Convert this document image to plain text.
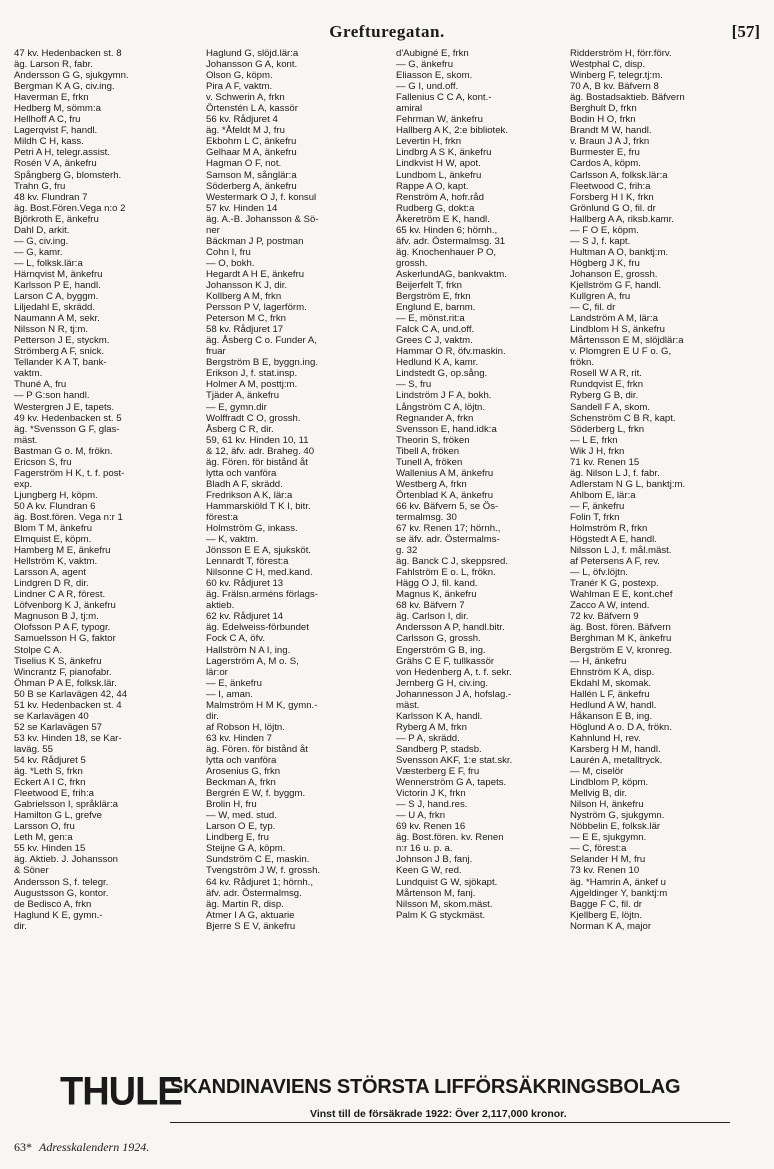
Grefturegatan.	[57]
47 kv. Hedenbacken st. 8
äg. Larson R, fabr.
Andersson G G, sjukgymn.
Bergman K A G, civ.ing.
Haverman E, frkn
Hedberg M, sömm:a
Hellhoff A C, fru
Lagerqvist F, handl.
Mildh C H, kass.
Petri A H, telegr.assist.
Rosén V A, änkefru
Spångberg G, blomsterh.
Trahn G, fru
48 kv. Flundran 7
äg. Bost.Fören.Vega n:o 2
Björkroth E, änkefru
Dahl D, arkit.
— G, civ.ing.
— G, kamr.
— L, folksk.lär:a
Härnqvist M, änkefru
Karlsson P E, handl.
Larson C A, byggm.
Liljedahl E, skrädd.
Naumann A M, sekr.
Nilsson N R, tj:m.
Petterson J E, styckm.
Strömberg A F, snick.
Tellander K A T, bank-
vaktm.
Thuné A, fru
— P G:son handl.
Westergren J E, tapets.
49 kv. Hedenbacken st. 5
äg. *Svensson G F, glas-
mäst.
Bastman G o. M, frökn.
Ericson S, fru
Fagerström H K, t. f. post-
exp.
Ljungberg H, köpm.
50 A kv. Flundran 6
äg. Bost.fören. Vega n:r 1
Blom T M, änkefru
Elmquist E, köpm.
Hamberg M E, änkefru
Hellström K, vaktm.
Larsson A, agent
Lindgren D R, dir.
Lindner C A R, förest.
Löfvenborg K J, änkefru
Magnuson B J, tj:m.
Olofsson P A F, typogr.
Samuelsson H G, faktor
Stolpe C A.
Tiselius K S, änkefru
Wincrantz F, pianofabr.
Öhman P A E, folksk.lär.
50 B se Karlavägen 42, 44
51 kv. Hedenbacken st. 4
se Karlavägen 40
52 se Karlavägen 57
53 kv. Hinden 18, se Kar-
laväg. 55
54 kv. Rådjuret 5
äg. *Leth S, frkn
Eckert A I C, frkn
Fleetwood E, frih:a
Gabrielsson I, språklär:a
Hamilton G L, grefve
Larsson O, fru
Leth M, gen:a
55 kv. Hinden 15
äg. Aktieb. J. Johansson
& Söner
Andersson S, f. telegr.
Augustsson G, kontor.
de Bedisco A, frkn
Haglund K E, gymn.-
dir.
Haglund G, slöjd.lär:a
Johansson G A, kont.
Olson G, köpm.
Pira A F, vaktm.
v. Schwerin A, frkn
Örtenstén L A, kassör
56 kv. Rådjuret 4
äg. *Åfeldt M J, fru
Ekbohrn L C, änkefru
Gelhaar M A, änkefru
Hagman O F, not.
Samson M, sånglär:a
Söderberg A, änkefru
Westermark O J, f. konsul
57 kv. Hinden 14
äg. A.-B. Johansson & Sö-
ner
Bäckman J P, postman
Cohn I, fru
— O, bokh.
Hegardt A H E, änkefru
Johansson K J, dir.
Kollberg A M, frkn
Persson P V, lagerförm.
Peterson M C, frkn
58 kv. Rådjuret 17
äg. Åsberg C o. Funder A,
fruar
Bergström B E, byggn.ing.
Erikson J, f. stat.insp.
Holmer A M, posttj:m.
Tjäder A, änkefru
— E, gymn.dir
Wolffradt C O, grossh.
Åsberg C R, dir.
59, 61 kv. Hinden 10, 11
& 12, äfv. adr. Braheg. 40
äg. Fören. för bistånd åt
lytta och vanföra
Bladh A F, skrädd.
Fredrikson A K, lär:a
Hammarskiöld T K I, bitr.
förest:a
Holmström G, inkass.
— K, vaktm.
Jönsson E E A, sjuksköt.
Lennardt T, förest:a
Nilsonne C H, med.kand.
60 kv. Rådjuret 13
äg. Frälsn.arméns förlags-
aktieb.
62 kv. Rådjuret 14
äg. Edelweiss-förbundet
Fock C A, öfv.
Hallström N A I, ing.
Lagerström A, M o. S,
lär:or
— E, änkefru
— I, aman.
Malmström H M K, gymn.-
dir.
af Robson H, löjtn.
63 kv. Hinden 7
äg. Fören. för bistånd åt
lytta och vanföra
Arosenius G, frkn
Beckman A, frkn
Bergrén E W, f. byggm.
Brolin H, fru
— W, med. stud.
Larson O E, typ.
Lindberg E, fru
Steijne G A, köpm.
Sundström C E, maskin.
Tvengström J W, f. grossh.
64 kv. Rådjuret 1; hörnh.,
äfv. adr. Östermalmsg.
äg. Martin R, disp.
Atmer I A G, aktuarie
Bjerre S E V, änkefru
d'Aubigné E, frkn
— G, änkefru
Eliasson E, skom.
— G I, und.off.
Fallenius C C A, kont.-
amiral
Fehrman W, änkefru
Hallberg A K, 2:e bibliotek.
Levertin H, frkn
Lindbrg A S K, änkefru
Lindkvist H W, apot.
Lundbom L, änkefru
Rappe A O, kapt.
Renström A, hofr.råd
Rudberg G, dokt:a
Åkeretröm E K, handl.
65 kv. Hinden 6; hörnh.,
äfv. adr. Östermalmsg. 31
äg. Knochenhauer P O,
grossh.
AskerlundAG, bankvaktm.
Beijerfelt T, frkn
Bergström E, frkn
Englund E, barnm.
— E, mönst.rit:a
Falck C A, und.off.
Grees C J, vaktm.
Hammar O R, öfv.maskin.
Hedlund K A, kamr.
Lindstedt G, op.sång.
— S, fru
Lindström J F A, bokh.
Långström C A, löjtn.
Regnander A, frkn
Svensson E, hand.idk:a
Theorin S, fröken
Tibell A, fröken
Tunell A, fröken
Wallenius A M, änkefru
Westberg A, frkn
Örtenblad K A, änkefru
66 kv. Bäfvern 5, se Ös-
termalmsg. 30
67 kv. Renen 17; hörnh.,
se äfv. adr. Östermalms-
g. 32
äg. Banck C J, skeppsred.
Fahlström E o. L, frökn.
Hägg O J, fil. kand.
Magnus K, änkefru
68 kv. Bäfvern 7
äg. Carlson I, dir.
Andersson A P, handl.bitr.
Carlsson G, grossh.
Engerström G B, ing.
Grähs C E F, tullkassör
von Hedenberg A, t. f. sekr.
Jernberg G H, civ.ing.
Johannesson J A, hofslag.-
mäst.
Karlsson K A, handl.
Ryberg A M, frkn
— P A, skrädd.
Sandberg P, stadsb.
Svensson AKF, 1:e stat.skr.
Væsterberg E F, fru
Wennerström G A, tapets.
Victorin J K, frkn
— S J, hand.res.
— U A, frkn
69 kv. Renen 16
äg. Bost.fören. kv. Renen
n:r 16 u. p. a.
Johnson J B, fanj.
Keen G W, red.
Lundquist G W, sjökapt.
Mårtenson M, fanj.
Nilsson M, skom.mäst.
Palm K G styckmäst.
Ridderström H, förr.förv.
Westphal C, disp.
Winberg F, telegr.tj:m.
70 A, B kv. Bäfvern 8
äg. Bostadsaktieb. Bäfvern
Berghult D, frkn
Bodin H O, frkn
Brandt M W, handl.
v. Braun J A J, frkn
Burmester E, fru
Cardos A, köpm.
Carlsson A, folksk.lär:a
Fleetwood C, frih:a
Forsberg H I K, frkn
Grönlund G O, fil. dr
Hallberg A A, riksb.kamr.
— F O E, köpm.
— S J, f. kapt.
Hultman A O, banktj:m.
Högberg J K, fru
Johanson E, grossh.
Kjellström G F, handl.
Kullgren A, fru
— C, fil. dr
Landström A M, lär:a
Lindblom H S, änkefru
Mårtensson E M, slöjdlär:a
v. Plomgren E U F o. G,
frökn.
Rosell W A R, rit.
Rundqvist E, frkn
Ryberg G B, dir.
Sandell F A, skom.
Schenström C B R, kapt.
Söderberg L, frkn
— L E, frkn
Wik J H, frkn
71 kv. Renen 15
äg. Nilson L J, f. fabr.
Adlerstam N G L, banktj:m.
Ahlbom E, lär:a
— F, änkefru
Folin T, frkn
Holmström R, frkn
Högstedt A E, handl.
Nilsson L J, f. mål.mäst.
af Petersens A F, rev.
— L, öfv.löjtn.
Tranér K G, postexp.
Wahlman E E, kont.chef
Zacco A W, intend.
72 kv. Bäfvern 9
äg. Bost. fören. Bäfvern
Berghman M K, änkefru
Bergström E V, kronreg.
— H, änkefru
Ehnström K A, disp.
Ekdahl M, skomak.
Hallén L F, änkefru
Hedlund A W, handl.
Håkanson E B, ing.
Höglund A o. D A, frökn.
Kahnlund H, rev.
Karsberg H M, handl.
Laurén A, metalltryck.
— M, ciselör
Lindblom P, köpm.
Mellvig B, dir.
Nilson H, änkefru
Nyström G, sjukgymn.
Nöbbelin E, folksk.lär
— E E, sjukgymn.
— C, förest:a
Selander H M, fru
73 kv. Renen 10
äg. *Hamrin A, änkef u
Ajgeldinger Y, banktj:m
Bagge F C, fil. dr
Kjellberg E, löjtn.
Norman K A, major
THULE
SKANDINAVIENS STÖRSTA LIFFÖRSÄKRINGSBOLAG
Vinst till de försäkrade 1922: Över 2,117,000 kronor.
63* Adresskalendern 1924.
